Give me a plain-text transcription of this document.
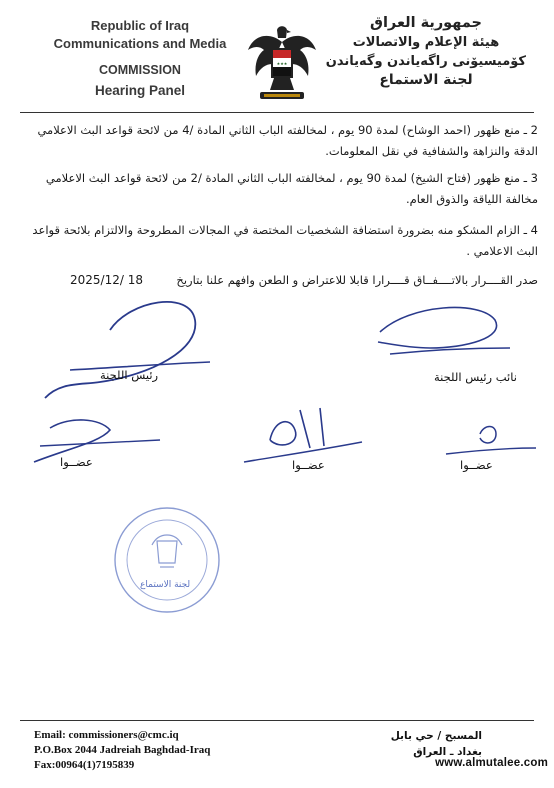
Republic of Iraq
Communications and Media
COMMISSION
Hearing Panel
★★★
جمهورية العراق
هيئة الإعلام والاتصالات
كۆميسيۆنی راگەیاندن وگەیاندن
لجنة الاستماع
2 ـ منع ظهور (احمد الوشاح) لمدة 90 يوم ، لمخالفته الباب الثاني المادة /4 من لائحة قواعد البث الاعلامي الدقة والنزاهة والشفافية في نقل المعلومات.
3 ـ منع ظهور (فتاح الشيخ) لمدة 90 يوم ، لمخالفته الباب الثاني المادة /2 من لائحة قواعد البث الاعلامي مخالفة اللياقة والذوق العام.
4 ـ الزام المشكو منه بضرورة استضافة الشخصيات المختصة في المجالات المطروحة والالتزام بلائحة قواعد البث الاعلامي .
صدر القــــرار بالاتــــفــاق قــــرارا قابلا للاعتراض و الطعن وافهم علنا بتاريخ
2025/12/ 18
رئيس اللجنة	نائب رئيس اللجنة
عضــوا	عضــوا	عضــوا
لجنة الاستماع
Email: commissioners@cmc.iq
P.O.Box 2044 Jadreiah Baghdad-Iraq
Fax:00964(1)7195839
المسبح / حي بابل
بغداد ـ العراق
www.almutalee.com
